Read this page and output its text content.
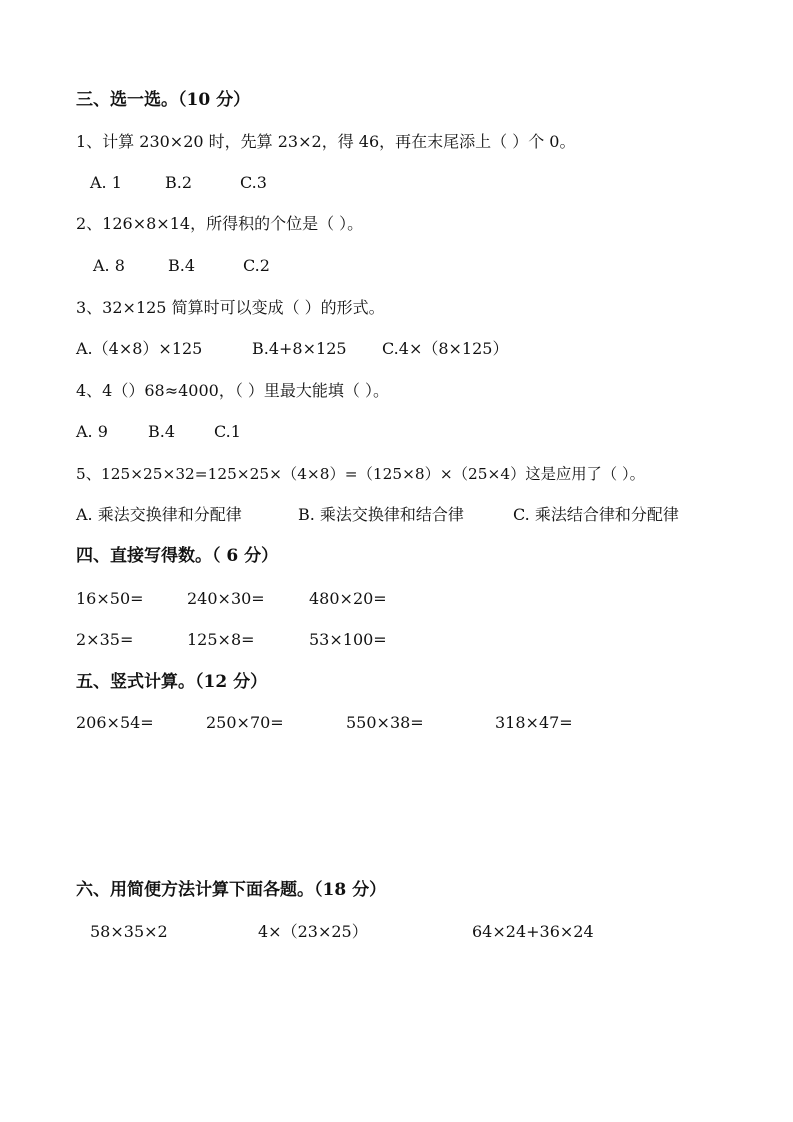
三、选一选。（10 分）
1、计算 230×20 时，先算 23×2，得 46，再在末尾添上（ ）个 0。
A. 1	B.2	C.3
2、126×8×14，所得积的个位是（ ）。
A. 8	B.4	C.2
3、32×125 简算时可以变成（ ）的形式。
A.（4×8）×125	B.4+8×125 C.4×（8×125）
4、4（）68≈4000，（ ）里最大能填（ ）。
A. 9	B.4 C.1
5、125×25×32=125×25×（4×8）=（125×8）×（25×4）这是应用了（ ）。
A. 乘法交换律和分配律	B. 乘法交换律和结合律	C. 乘法结合律和分配律
四、直接写得数。（ 6 分）
16×50=	240×30=	480×20=
2×35=	125×8=	53×100=
五、竖式计算。（12 分）
206×54=	250×70=	550×38=	318×47=
六、用简便方法计算下面各题。（18 分）
58×35×2	4×（23×25）	64×24+36×24
